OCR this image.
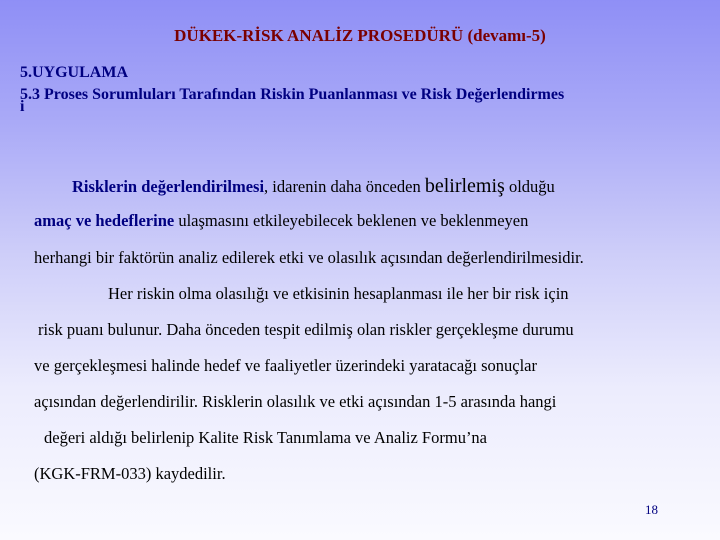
DÜKEK-RİSK ANALİZ PROSEDÜRÜ (devamı-5)
5.UYGULAMA
5.3 Proses Sorumluları Tarafından Riskin Puanlanması ve Risk Değerlendirmes
i
Risklerin değerlendirilmesi, idarenin daha önceden belirlemiş olduğu
amaç ve hedeflerine ulaşmasını etkileyebilecek beklenen ve beklenmeyen
herhangi bir faktörün analiz edilerek etki ve olasılık açısından değerlendirilmesidir.
Her riskin olma olasılığı ve etkisinin hesaplanması ile her bir risk için
risk puanı bulunur. Daha önceden tespit edilmiş olan riskler gerçekleşme durumu
ve gerçekleşmesi halinde hedef ve faaliyetler üzerindeki yaratacağı sonuçlar
açısından değerlendirilir. Risklerin olasılık ve etki açısından 1-5 arasında hangi
değeri aldığı belirlenip Kalite Risk Tanımlama ve Analiz Formu’na
(KGK-FRM-033) kaydedilir.
18
